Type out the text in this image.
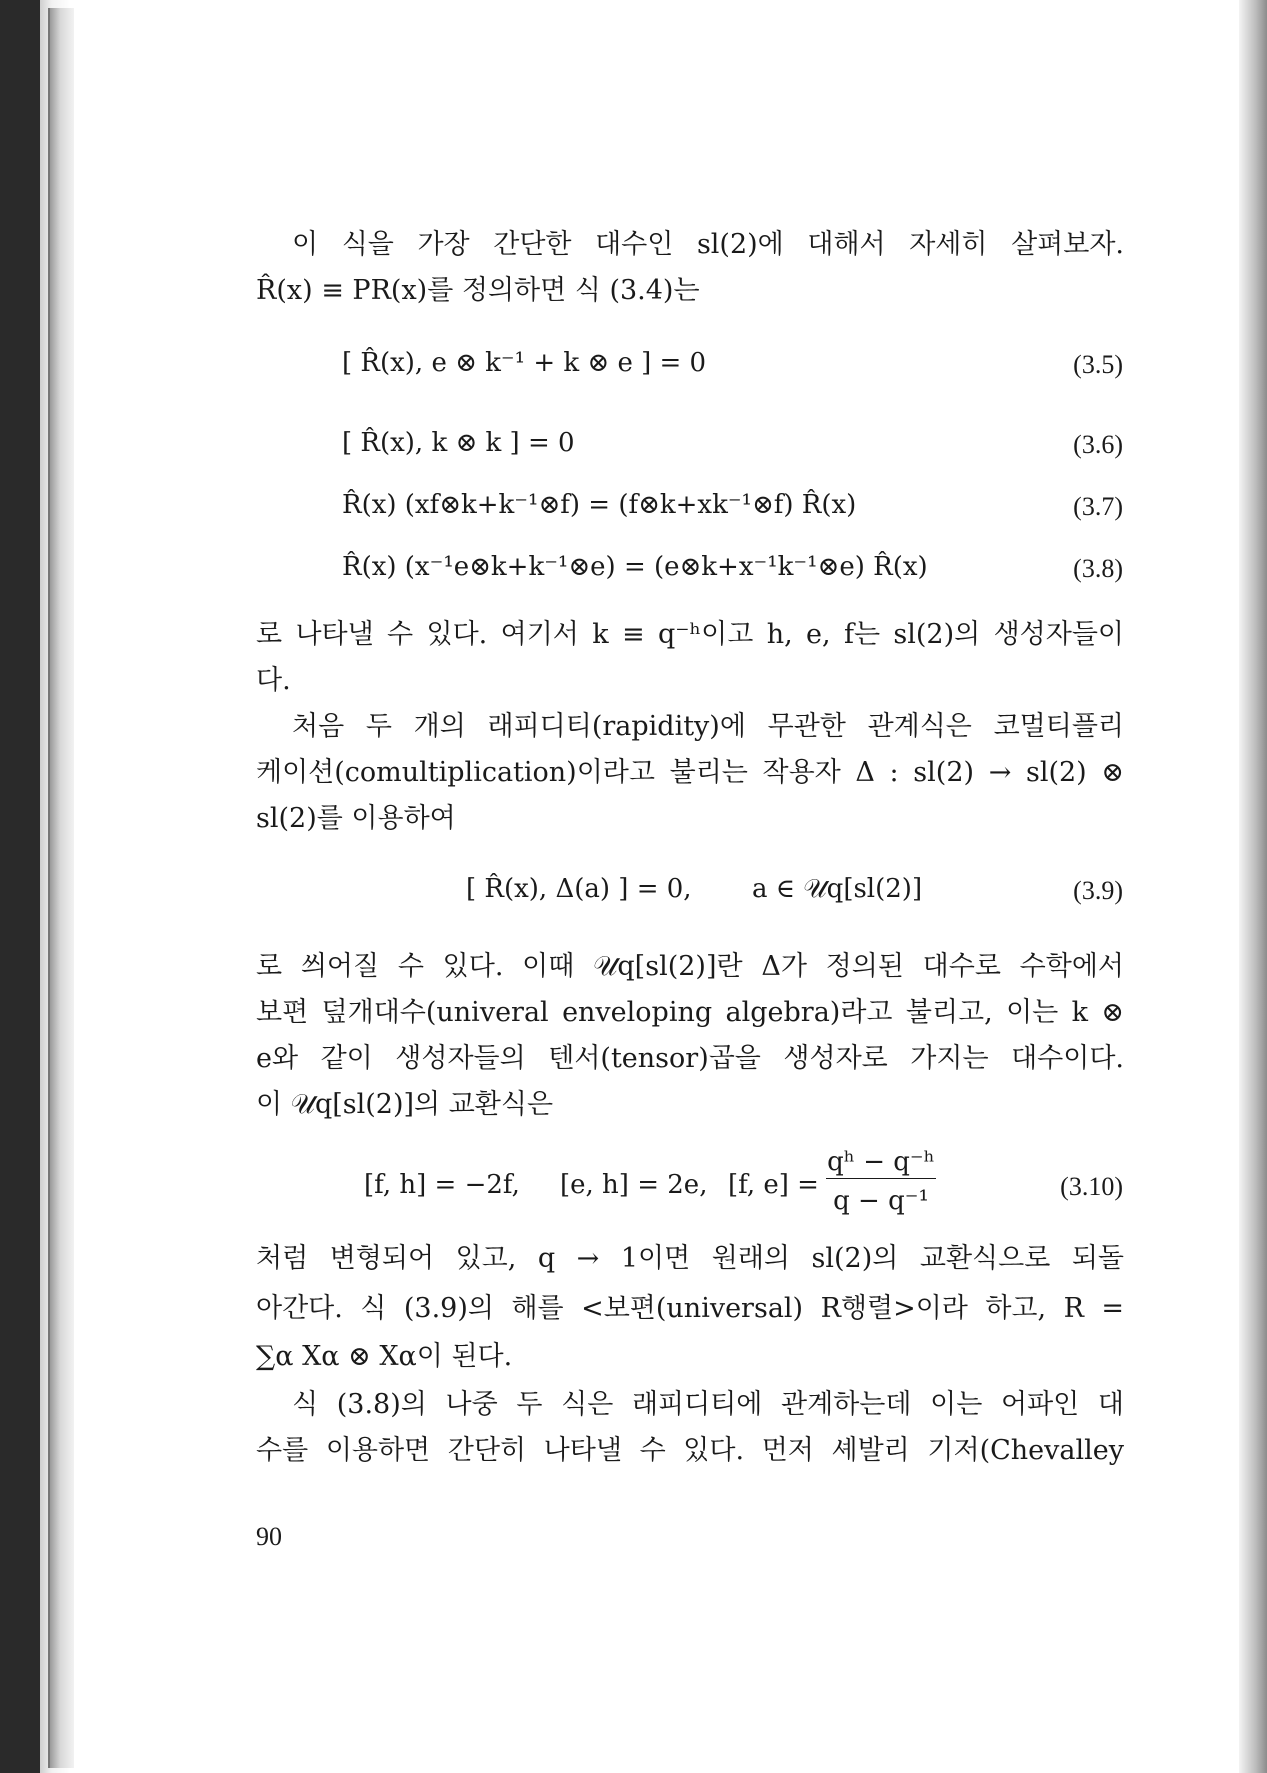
이 식을 가장 간단한 대수인 sl(2)에 대해서 자세히 살펴보자.
R̂(x) ≡ PR(x)를 정의하면 식 (3.4)는
[ R̂(x), e ⊗ k⁻¹ + k ⊗ e ] = 0	(3.5)
[ R̂(x), k ⊗ k ] = 0	(3.6)
R̂(x) (xf⊗k+k⁻¹⊗f) = (f⊗k+xk⁻¹⊗f) R̂(x)	(3.7)
R̂(x) (x⁻¹e⊗k+k⁻¹⊗e) = (e⊗k+x⁻¹k⁻¹⊗e) R̂(x)	(3.8)
로 나타낼 수 있다. 여기서 k ≡ q⁻ʰ이고 h, e, f는 sl(2)의 생성자들이
다.
처음 두 개의 래피디티(rapidity)에 무관한 관계식은 코멀티플리
케이션(comultiplication)이라고 불리는 작용자 Δ : sl(2) → sl(2) ⊗
sl(2)를 이용하여
[ R̂(x), Δ(a) ] = 0, a ∈ 𝒰q[sl(2)]	(3.9)
로 씌어질 수 있다. 이때 𝒰q[sl(2)]란 Δ가 정의된 대수로 수학에서
보편 덮개대수(univeral enveloping algebra)라고 불리고, 이는 k ⊗
e와 같이 생성자들의 텐서(tensor)곱을 생성자로 가지는 대수이다.
이 𝒰q[sl(2)]의 교환식은
[f, h] = −2f, [e, h] = 2e, [f, e] =
qʰ − q⁻ʰ
q − q⁻¹	(3.10)
처럼 변형되어 있고, q → 1이면 원래의 sl(2)의 교환식으로 되돌
아간다. 식 (3.9)의 해를 <보편(universal) R행렬>이라 하고, R =
∑α Xα ⊗ Xα이 된다.
식 (3.8)의 나중 두 식은 래피디티에 관계하는데 이는 어파인 대
수를 이용하면 간단히 나타낼 수 있다. 먼저 셰발리 기저(Chevalley
90
